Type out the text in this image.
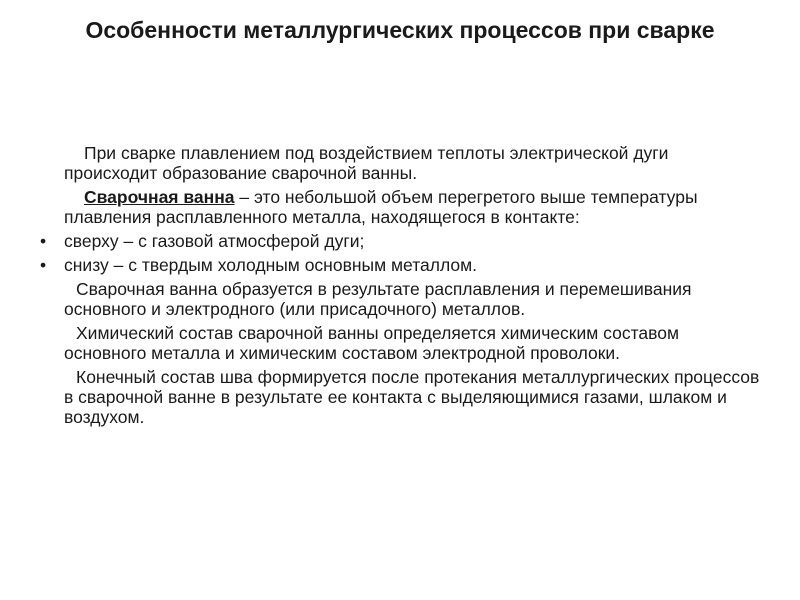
Особенности металлургических процессов при сварке

При сварке плавлением под воздействием теплоты электрической дуги происходит образование сварочной ванны.

Сварочная ванна – это небольшой объем перегретого выше температуры плавления расплавленного металла, находящегося в контакте:

•	сверху – с газовой атмосферой дуги;
•	снизу – с твердым холодным основным металлом.

Сварочная ванна образуется в результате расплавления и перемешивания основного и электродного (или присадочного) металлов.

Химический состав сварочной ванны определяется химическим составом основного металла и химическим составом электродной проволоки.

Конечный состав шва формируется после протекания металлургических процессов в сварочной ванне в результате ее контакта с выделяющимися газами, шлаком и воздухом.
